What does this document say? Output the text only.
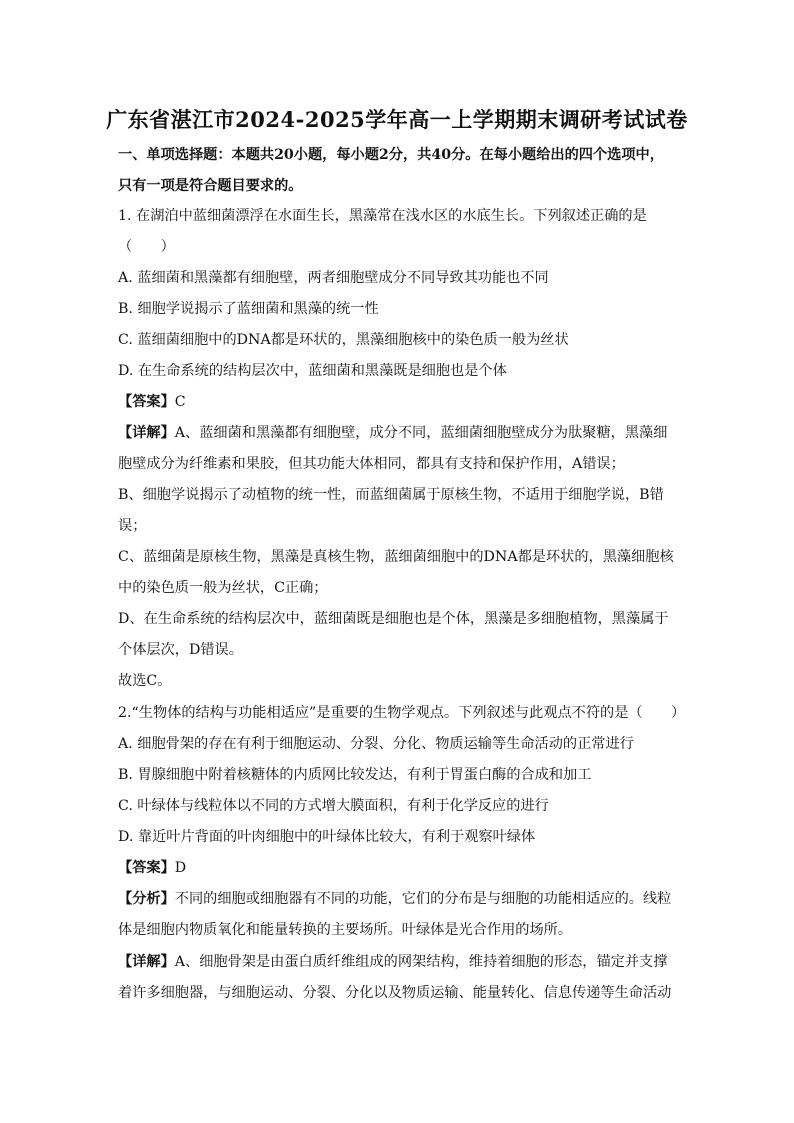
广东省湛江市2024-2025学年高一上学期期末调研考试试卷
一、单项选择题：本题共20小题，每小题2分，共40分。在每小题给出的四个选项中，
只有一项是符合题目要求的。
1. 在湖泊中蓝细菌漂浮在水面生长，黑藻常在浅水区的水底生长。下列叙述正确的是
（　　）
A. 蓝细菌和黑藻都有细胞壁，两者细胞壁成分不同导致其功能也不同
B. 细胞学说揭示了蓝细菌和黑藻的统一性
C. 蓝细菌细胞中的DNA都是环状的，黑藻细胞核中的染色质一般为丝状
D. 在生命系统的结构层次中，蓝细菌和黑藻既是细胞也是个体
【答案】C
【详解】A、蓝细菌和黑藻都有细胞壁，成分不同，蓝细菌细胞壁成分为肽聚糖，黑藻细
胞壁成分为纤维素和果胶，但其功能大体相同，都具有支持和保护作用，A错误；
B、细胞学说揭示了动植物的统一性，而蓝细菌属于原核生物，不适用于细胞学说，B错
误；
C、蓝细菌是原核生物，黑藻是真核生物，蓝细菌细胞中的DNA都是环状的，黑藻细胞核
中的染色质一般为丝状，C正确；
D、在生命系统的结构层次中，蓝细菌既是细胞也是个体，黑藻是多细胞植物，黑藻属于
个体层次，D错误。
故选C。
2.“生物体的结构与功能相适应”是重要的生物学观点。下列叙述与此观点不符的是（　　）
A. 细胞骨架的存在有利于细胞运动、分裂、分化、物质运输等生命活动的正常进行
B. 胃腺细胞中附着核糖体的内质网比较发达，有利于胃蛋白酶的合成和加工
C. 叶绿体与线粒体以不同的方式增大膜面积，有利于化学反应的进行
D. 靠近叶片背面的叶肉细胞中的叶绿体比较大，有利于观察叶绿体
【答案】D
【分析】不同的细胞或细胞器有不同的功能，它们的分布是与细胞的功能相适应的。线粒
体是细胞内物质氧化和能量转换的主要场所。叶绿体是光合作用的场所。
【详解】A、细胞骨架是由蛋白质纤维组成的网架结构，维持着细胞的形态，锚定并支撑
着许多细胞器，与细胞运动、分裂、分化以及物质运输、能量转化、信息传递等生命活动
